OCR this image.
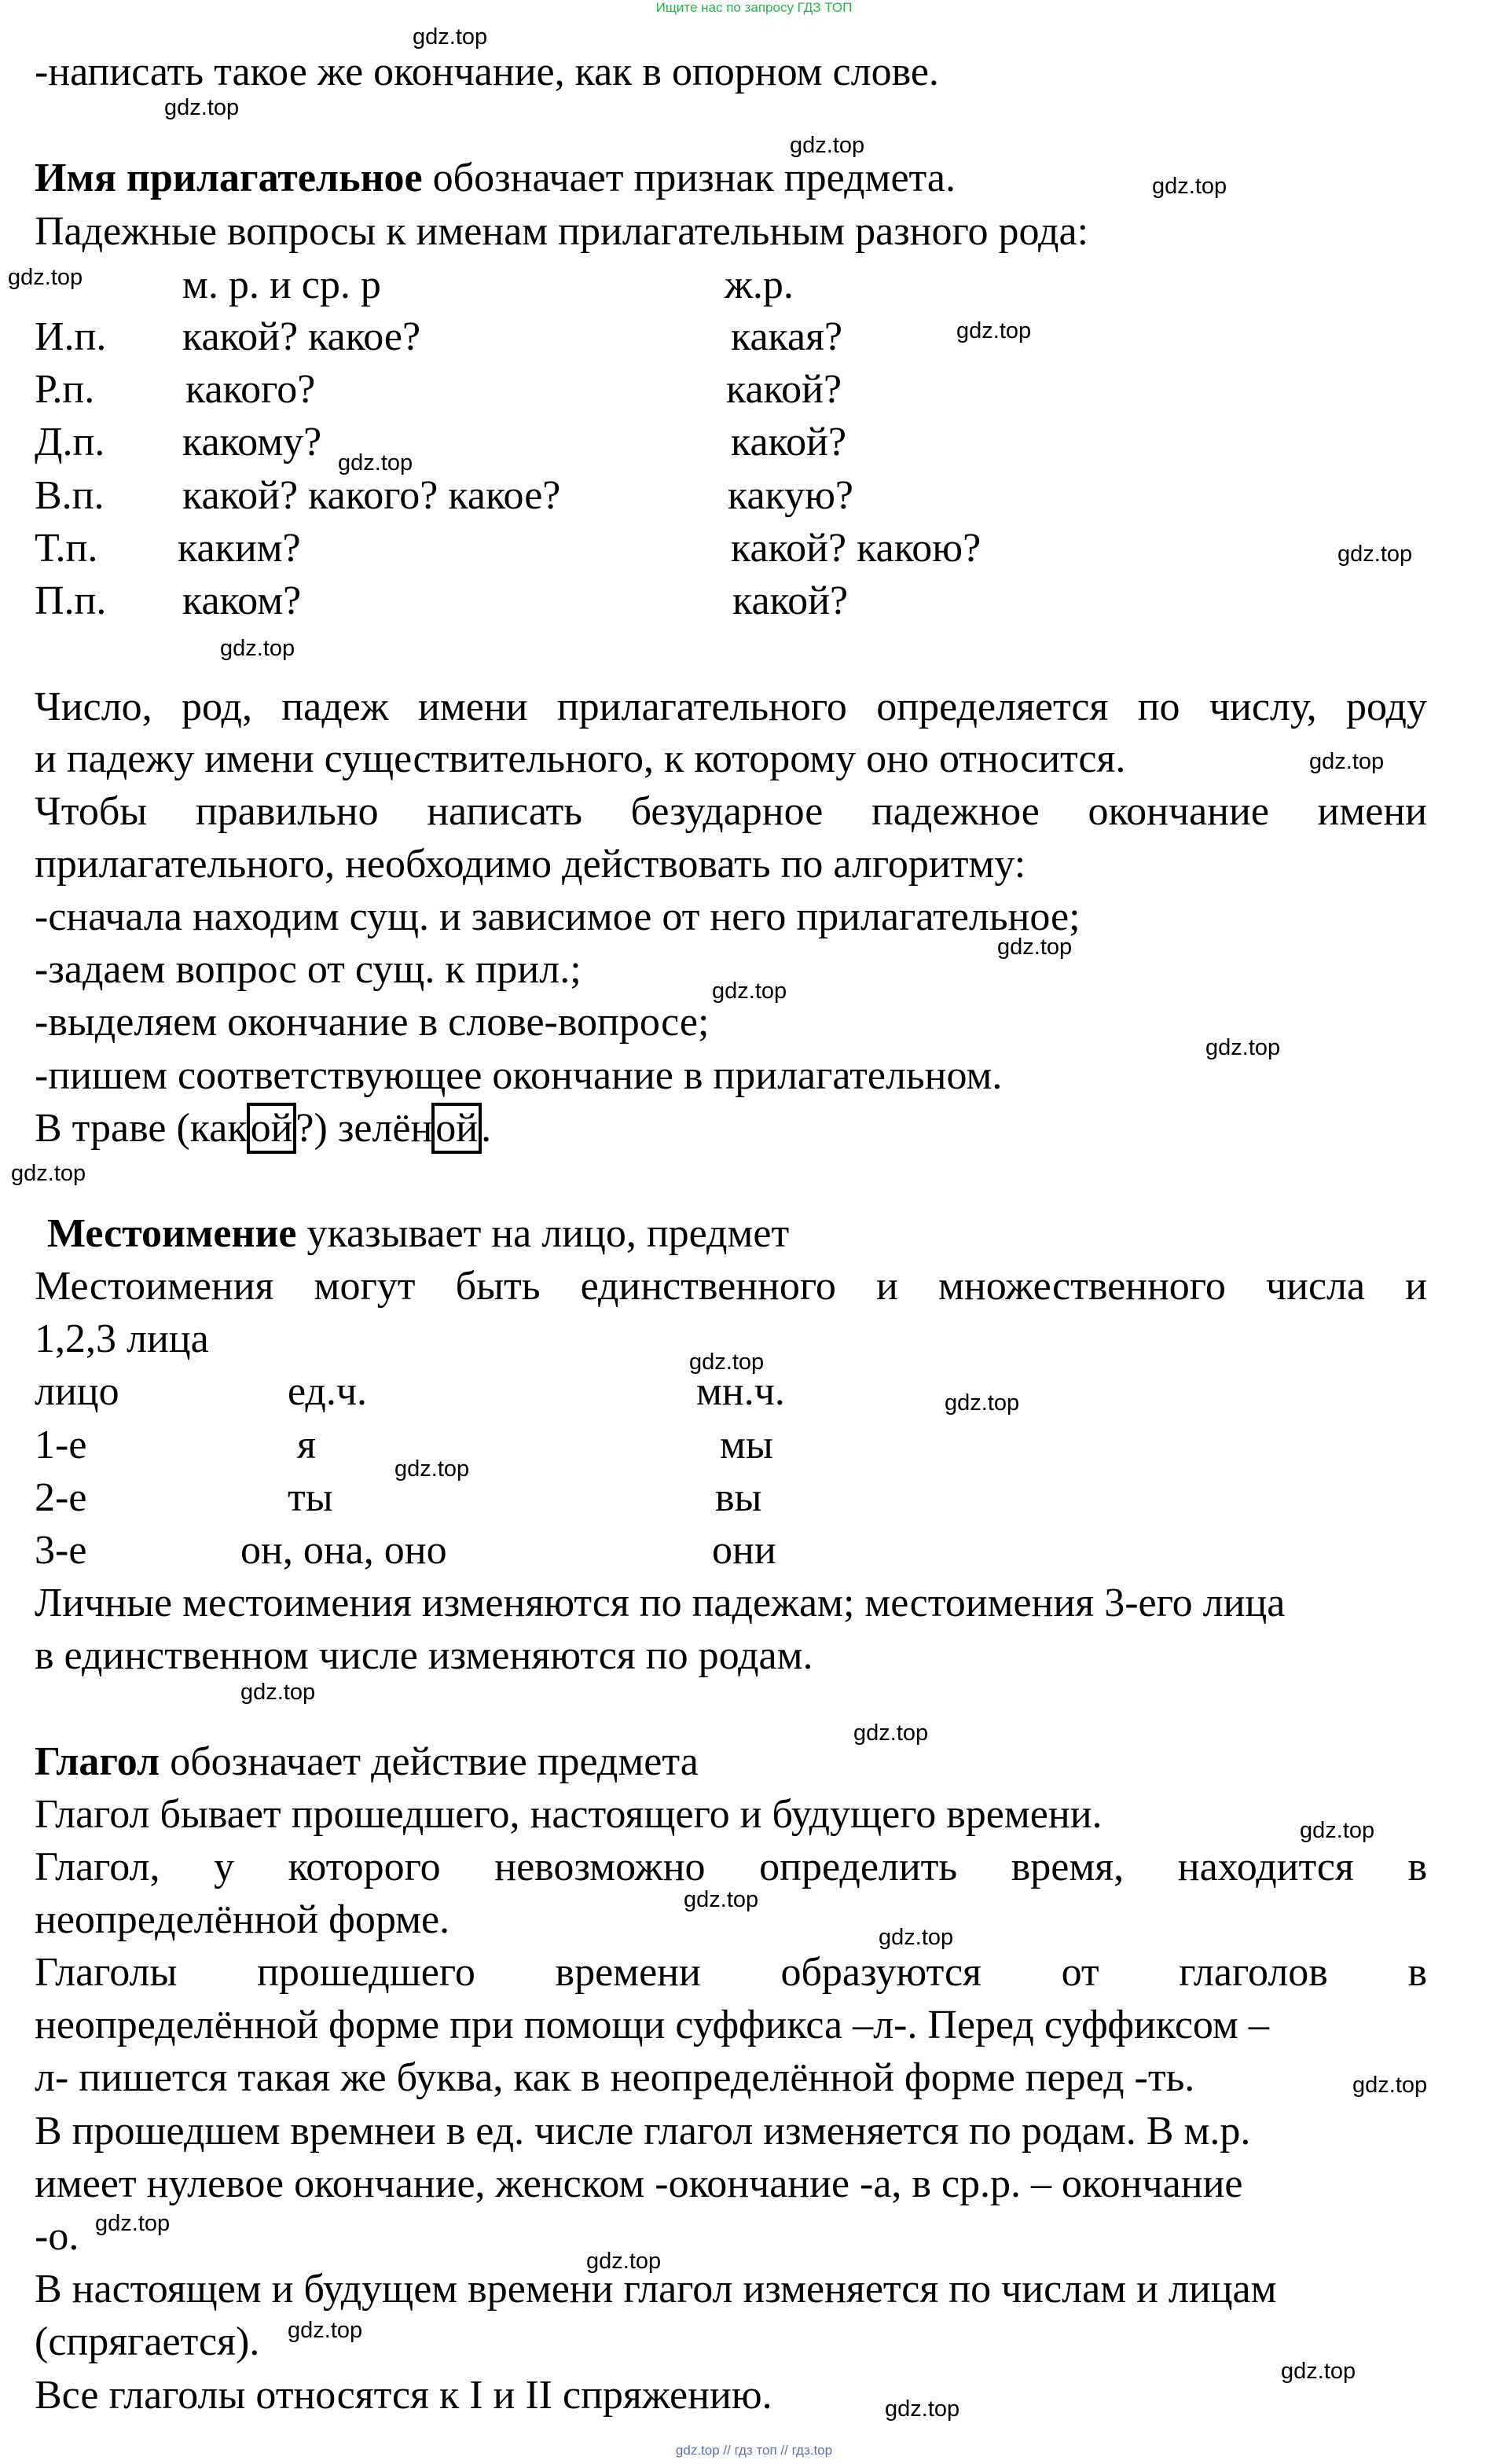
Ищите нас по запросу ГДЗ ТОП
-написать такое же окончание, как в опорном слове.
Имя прилагательное обозначает признак предмета.
Падежные вопросы к именам прилагательным разного рода:
м. р. и ср. р	ж.р.
И.п. какой? какое?	какая?
Р.п. какого?	какой?
Д.п. какому?	какой?
В.п. какой? какого? какое?	какую?
Т.п. каким?	какой? какою?
П.п. каком?	какой?
Число, род, падеж имени прилагательного определяется по числу, роду
и падежу имени существительного, к которому оно относится.
Чтобы правильно написать безударное падежное окончание имени
прилагательного, необходимо действовать по алгоритму:
-сначала находим сущ. и зависимое от него прилагательное;
-задаем вопрос от сущ. к прил.;
-выделяем окончание в слове-вопросе;
-пишем соответствующее окончание в прилагательном.
В траве (какой?) зелёной.
Местоимение указывает на лицо, предмет
Местоимения могут быть единственного и множественного числа и
1,2,3 лица
лицо	ед.ч.	мн.ч.
1-е	я	мы
2-е	ты	вы
3-е	он, она, оно	они
Личные местоимения изменяются по падежам; местоимения 3-его лица
в единственном числе изменяются по родам.
Глагол обозначает действие предмета
Глагол бывает прошедшего, настоящего и будущего времени.
Глагол, у которого невозможно определить время, находится в
неопределённой форме.
Глаголы прошедшего времени образуются от глаголов в
неопределённой форме при помощи суффикса –л-. Перед суффиксом –
л- пишется такая же буква, как в неопределённой форме перед -ть.
В прошедшем времнеи в ед. числе глагол изменяется по родам. В м.р.
имеет нулевое окончание, женском -окончание -а, в ср.р. – окончание
-о.
В настоящем и будущем времени глагол изменяется по числам и лицам
(спрягается).
Все глаголы относятся к I и II спряжению.
gdz.top
gdz.top
gdz.top
gdz.top
gdz.top
gdz.top
gdz.top
gdz.top
gdz.top
gdz.top
gdz.top
gdz.top
gdz.top
gdz.top
gdz.top
gdz.top
gdz.top
gdz.top
gdz.top
gdz.top
gdz.top
gdz.top
gdz.top
gdz.top
gdz.top
gdz.top
gdz.top
gdz.top
gdz.top // гдз топ // гдз.top
